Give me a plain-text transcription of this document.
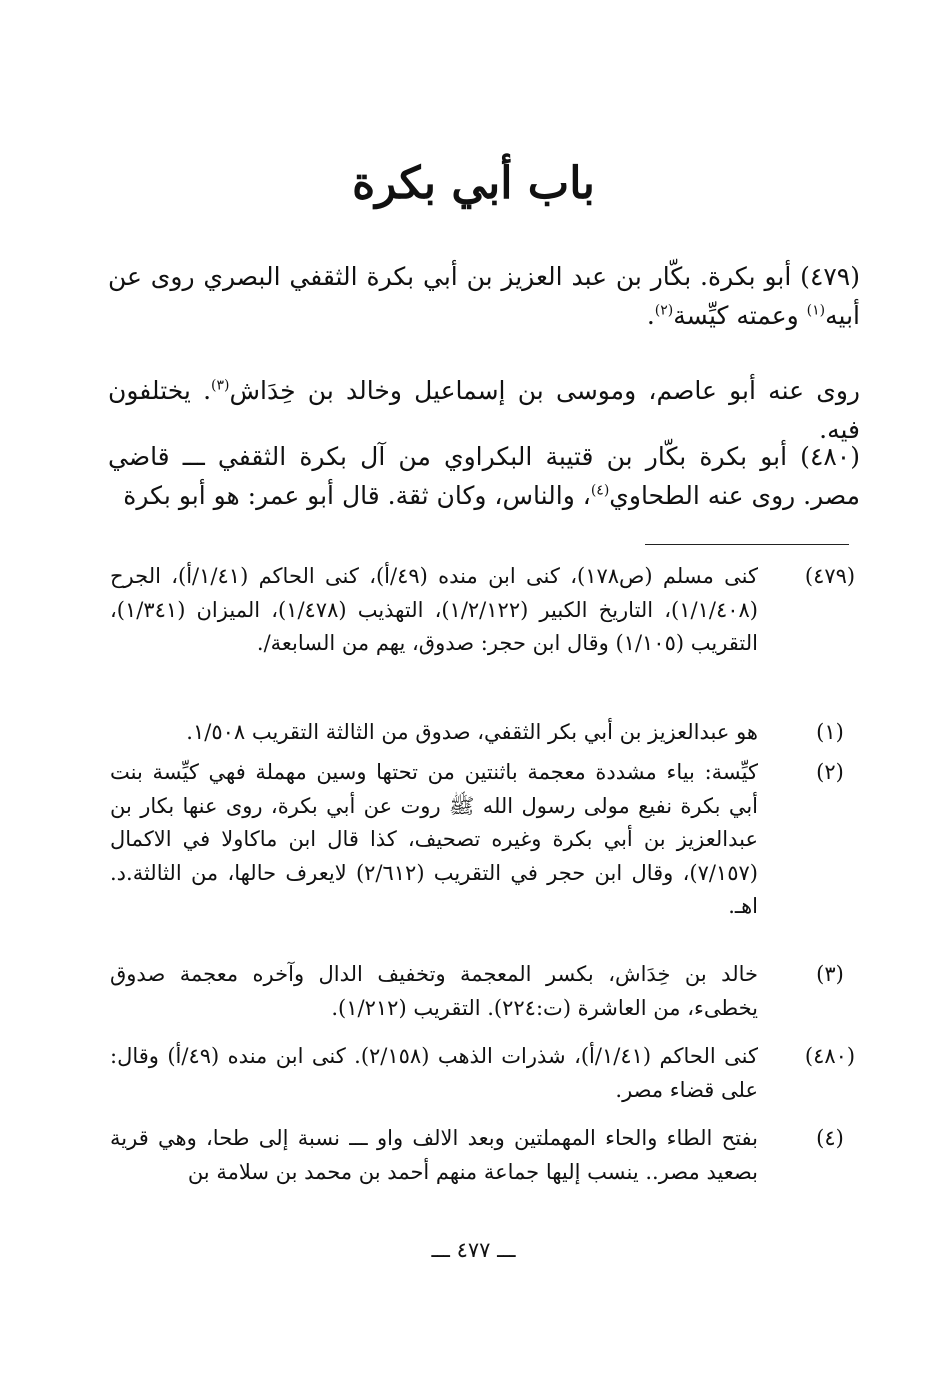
باب أبي بكرة
(٤٧٩) أبو بكرة. بكّار بن عبد العزيز بن أبي بكرة الثقفي البصري روى عن أبيه$^{(١)}$ وعمته كيِّسة$^{(٢)}$.
روى عنه أبو عاصم، وموسى بن إسماعيل وخالد بن خِدَاش$^{(٣)}$. يختلفون فيه.
(٤٨٠) أبو بكرة بكّار بن قتيبة البكراوي من آل بكرة الثقفي ـــ قاضي مصر. روى عنه الطحاوي$^{(٤)}$، والناس، وكان ثقة. قال أبو عمر: هو أبو بكرة
(٤٧٩)
كنى مسلم (ص١٧٨)، كنى ابن منده (٤٩/أ)، كنى الحاكم (١/٤١/أ)، الجرح (١/١/٤٠٨)، التاريخ الكبير (١/٢/١٢٢)، التهذيب (١/٤٧٨)، الميزان (١/٣٤١)، التقريب (١/١٠٥) وقال ابن حجر: صدوق، يهم من السابعة/.
(١)
هو عبدالعزيز بن أبي بكر الثقفي، صدوق من الثالثة التقريب ١/٥٠٨.
(٢)
كيِّسة: بياء مشددة معجمة باثنتين من تحتها وسين مهملة فهي كيِّسة بنت أبي بكرة نفيع مولى رسول الله ﷺ روت عن أبي بكرة، روى عنها بكار بن عبدالعزيز بن أبي بكرة وغيره تصحيف، كذا قال ابن ماكاولا في الاكمال (٧/١٥٧)، وقال ابن حجر في التقريب (٢/٦١٢) لايعرف حالها، من الثالثة.د. اهـ.
(٣)
خالد بن خِدَاش، بكسر المعجمة وتخفيف الدال وآخره معجمة صدوق يخطىء، من العاشرة (ت:٢٢٤). التقريب (١/٢١٢).
(٤٨٠)
كنى الحاكم (١/٤١/أ)، شذرات الذهب (٢/١٥٨). كنى ابن منده (٤٩/أ) وقال: على قضاء مصر.
(٤)
بفتح الطاء والحاء المهملتين وبعد الالف واو ـــ نسبة إلى طحا، وهي قرية بصعيد مصر.. ينسب إليها جماعة منهم أحمد بن محمد بن سلامة بن
ـــ ٤٧٧ ـــ
